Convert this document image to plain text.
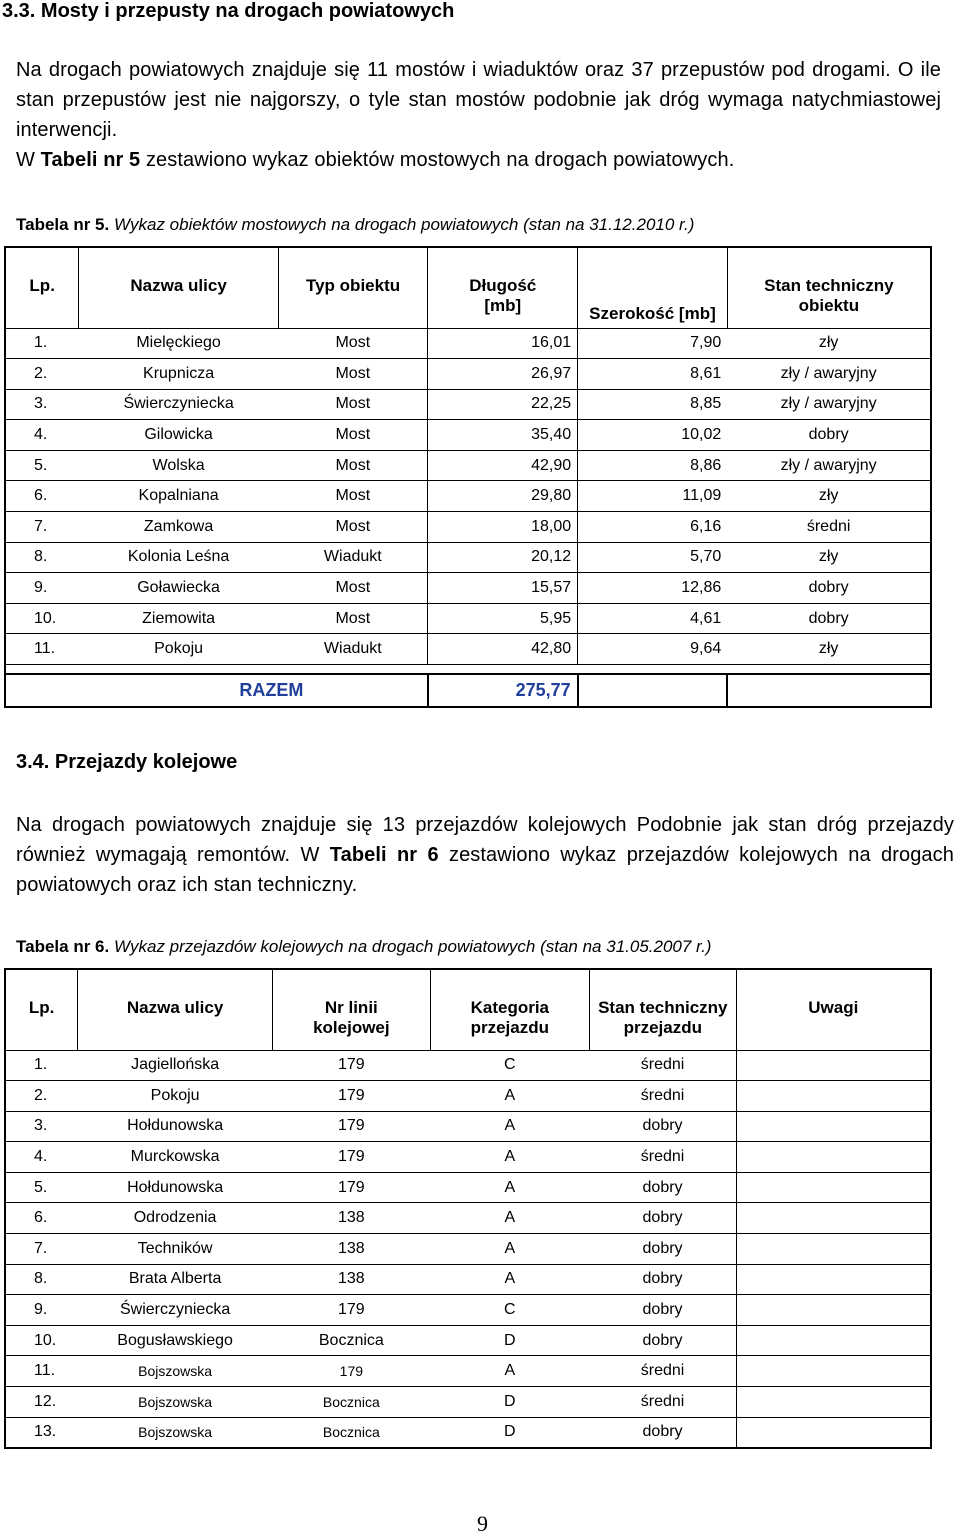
3.3. Mosty i przepusty na drogach powiatowych

Na drogach powiatowych znajduje się 11 mostów i wiaduktów oraz 37 przepustów pod drogami. O ile stan przepustów jest nie najgorszy, o tyle stan mostów podobnie jak dróg wymaga natychmiastowej interwencji.

W Tabeli nr 5 zestawiono wykaz obiektów mostowych na drogach powiatowych.

Tabela nr 5. Wykaz obiektów mostowych na drogach powiatowych (stan na 31.12.2010 r.)
Lp.	Nazwa ulicy	Typ obiektu	Długość [mb]	Szerokość [mb]	Stan techniczny obiektu
1.	Mielęckiego	Most	16,01	7,90	zły
2.	Krupnicza	Most	26,97	8,61	zły / awaryjny
3.	Świerczyniecka	Most	22,25	8,85	zły / awaryjny
4.	Gilowicka	Most	35,40	10,02	dobry
5.	Wolska	Most	42,90	8,86	zły / awaryjny
6.	Kopalniana	Most	29,80	11,09	zły
7.	Zamkowa	Most	18,00	6,16	średni
8.	Kolonia Leśna	Wiadukt	20,12	5,70	zły
9.	Goławiecka	Most	15,57	12,86	dobry
10.	Ziemowita	Most	5,95	4,61	dobry
11.	Pokoju	Wiadukt	42,80	9,64	zły

RAZEM			275,77		
3.4. Przejazdy kolejowe

Na drogach powiatowych znajduje się 13 przejazdów kolejowych Podobnie jak stan dróg przejazdy również wymagają remontów. W Tabeli nr 6 zestawiono wykaz przejazdów kolejowych na drogach powiatowych oraz ich stan techniczny.

Tabela nr 6. Wykaz przejazdów kolejowych na drogach powiatowych (stan na 31.05.2007 r.)
Lp.	Nazwa ulicy	Nr linii kolejowej	Kategoria przejazdu	Stan techniczny przejazdu	Uwagi
1.	Jagiellońska	179	C	średni	
2.	Pokoju	179	A	średni	
3.	Hołdunowska	179	A	dobry	
4.	Murckowska	179	A	średni	
5.	Hołdunowska	179	A	dobry	
6.	Odrodzenia	138	A	dobry	
7.	Techników	138	A	dobry	
8.	Brata Alberta	138	A	dobry	
9.	Świerczyniecka	179	C	dobry	
10.	Bogusławskiego	Bocznica	D	dobry	
11.	Bojszowska	179	A	średni	
12.	Bojszowska	Bocznica	D	średni	
13.	Bojszowska	Bocznica	D	dobry	
9
